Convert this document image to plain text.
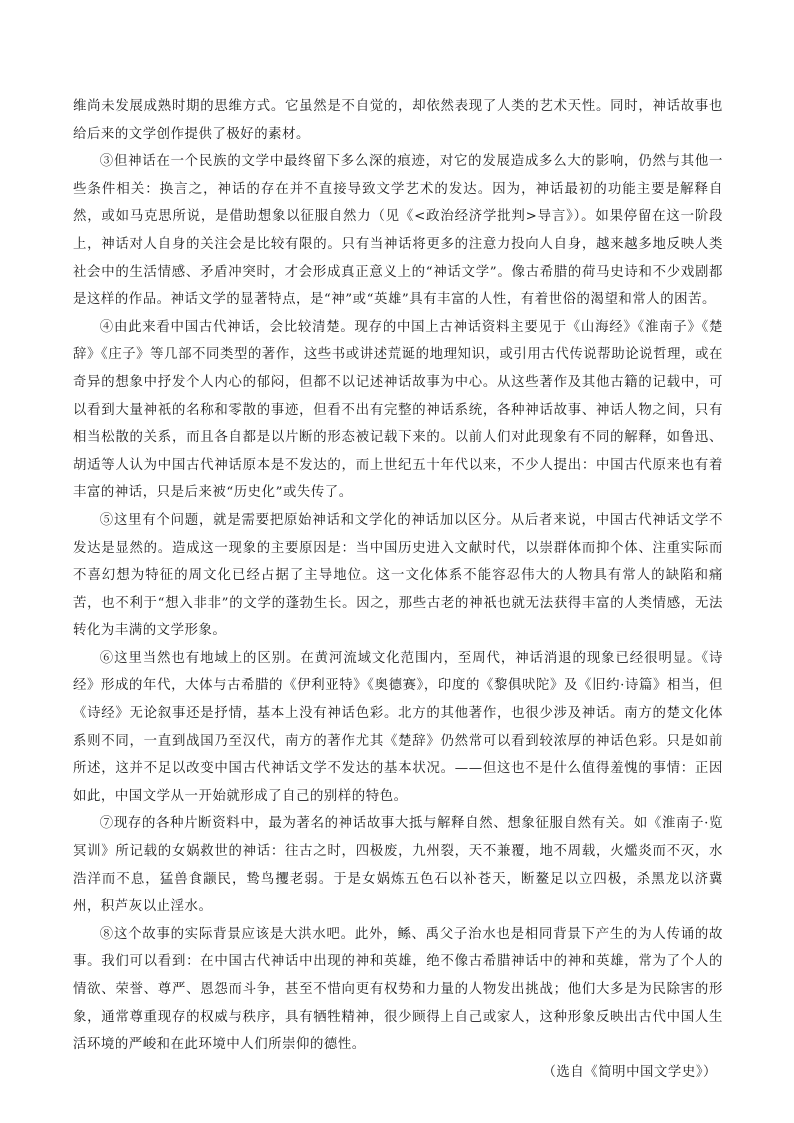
维尚未发展成熟时期的思维方式。它虽然是不自觉的，却依然表现了人类的艺术天性。同时，神话故事也给后来的文学创作提供了极好的素材。

③但神话在一个民族的文学中最终留下多么深的痕迹，对它的发展造成多么大的影响，仍然与其他一些条件相关：换言之，神话的存在并不直接导致文学艺术的发达。因为，神话最初的功能主要是解释自然，或如马克思所说，是借助想象以征服自然力（见《<政治经济学批判>导言》）。如果停留在这一阶段上，神话对人自身的关注会是比较有限的。只有当神话将更多的注意力投向人自身，越来越多地反映人类社会中的生活情感、矛盾冲突时，才会形成真正意义上的“神话文学”。像古希腊的荷马史诗和不少戏剧都是这样的作品。神话文学的显著特点，是“神”或“英雄”具有丰富的人性，有着世俗的渴望和常人的困苦。

④由此来看中国古代神话，会比较清楚。现存的中国上古神话资料主要见于《山海经》《淮南子》《楚辞》《庄子》等几部不同类型的著作，这些书或讲述荒诞的地理知识，或引用古代传说帮助论说哲理，或在奇异的想象中抒发个人内心的郁闷，但都不以记述神话故事为中心。从这些著作及其他古籍的记载中，可以看到大量神祇的名称和零散的事迹，但看不出有完整的神话系统，各种神话故事、神话人物之间，只有相当松散的关系，而且各自都是以片断的形态被记载下来的。以前人们对此现象有不同的解释，如鲁迅、胡适等人认为中国古代神话原本是不发达的，而上世纪五十年代以来，不少人提出：中国古代原来也有着丰富的神话，只是后来被“历史化”或失传了。

⑤这里有个问题，就是需要把原始神话和文学化的神话加以区分。从后者来说，中国古代神话文学不发达是显然的。造成这一现象的主要原因是：当中国历史进入文献时代，以崇群体而抑个体、注重实际而不喜幻想为特征的周文化已经占据了主导地位。这一文化体系不能容忍伟大的人物具有常人的缺陷和痛苦，也不利于“想入非非”的文学的蓬勃生长。因之，那些古老的神祇也就无法获得丰富的人类情感，无法转化为丰满的文学形象。

⑥这里当然也有地域上的区别。在黄河流域文化范围内，至周代，神话消退的现象已经很明显。《诗经》形成的年代，大体与古希腊的《伊利亚特》《奥德赛》，印度的《黎俱吠陀》及《旧约·诗篇》相当，但《诗经》无论叙事还是抒情，基本上没有神话色彩。北方的其他著作，也很少涉及神话。南方的楚文化体系则不同，一直到战国乃至汉代，南方的著作尤其《楚辞》仍然常可以看到较浓厚的神话色彩。只是如前所述，这并不足以改变中国古代神话文学不发达的基本状况。——但这也不是什么值得羞愧的事情：正因如此，中国文学从一开始就形成了自己的别样的特色。

⑦现存的各种片断资料中，最为著名的神话故事大抵与解释自然、想象征服自然有关。如《淮南子·览冥训》所记载的女娲救世的神话：往古之时，四极废，九州裂，天不兼覆，地不周载，火爁炎而不灭，水浩洋而不息，猛兽食颛民，鸷鸟攫老弱。于是女娲炼五色石以补苍天，断鳌足以立四极，杀黑龙以济冀州，积芦灰以止淫水。

⑧这个故事的实际背景应该是大洪水吧。此外，鲧、禹父子治水也是相同背景下产生的为人传诵的故事。我们可以看到：在中国古代神话中出现的神和英雄，绝不像古希腊神话中的神和英雄，常为了个人的情欲、荣誉、尊严、恩怨而斗争，甚至不惜向更有权势和力量的人物发出挑战；他们大多是为民除害的形象，通常尊重现存的权威与秩序，具有牺牲精神，很少顾得上自己或家人，这种形象反映出古代中国人生活环境的严峻和在此环境中人们所崇仰的德性。

（选自《简明中国文学史》）
